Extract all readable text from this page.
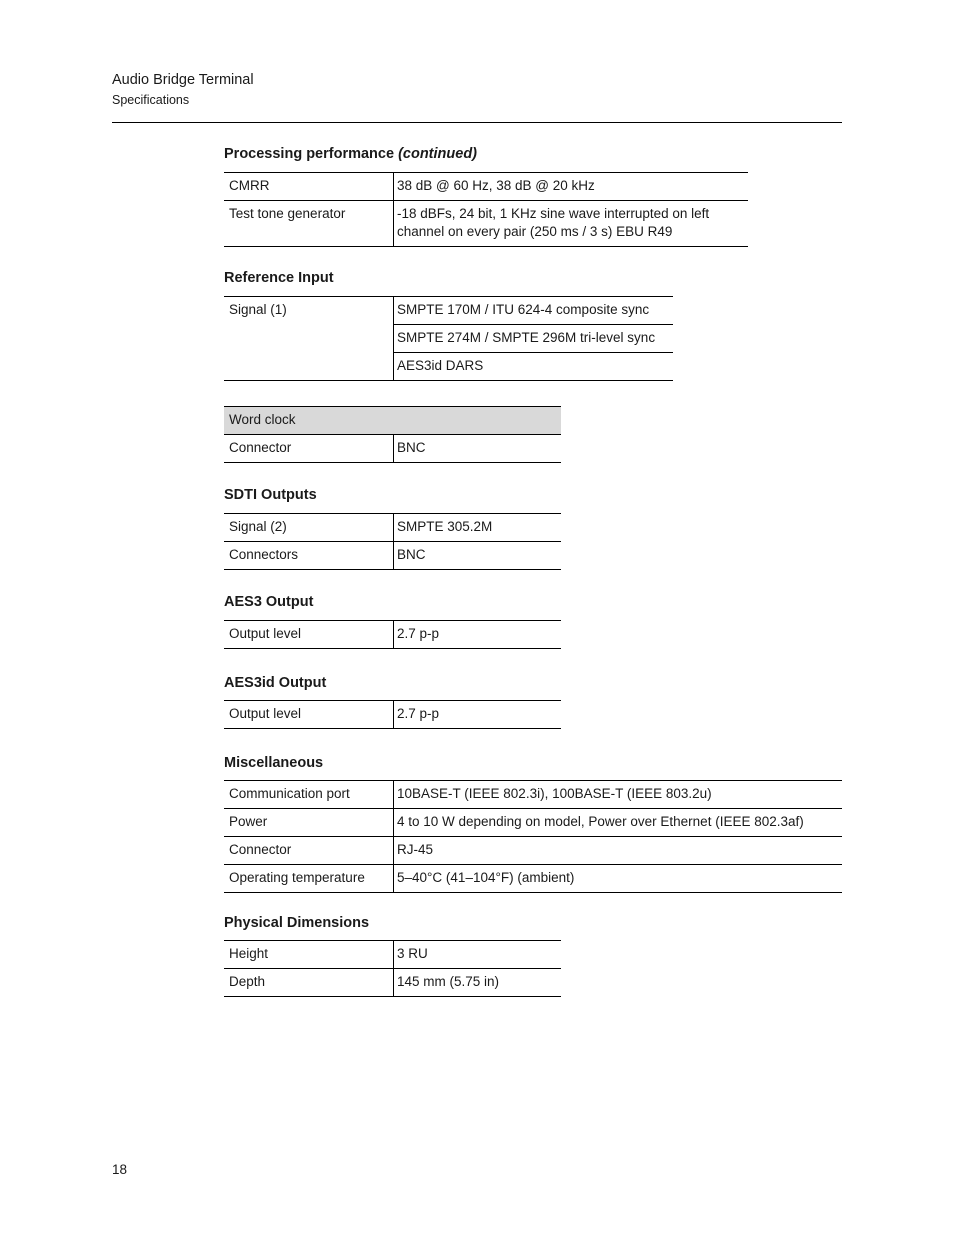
Audio Bridge Terminal
Specifications
Processing performance (continued)
CMRR	38 dB @ 60 Hz, 38 dB @ 20 kHz
Test tone generator	-18 dBFs, 24 bit, 1 KHz sine wave interrupted on left channel on every pair (250 ms / 3 s) EBU R49
Reference Input
Signal (1)	SMPTE 170M / ITU 624-4 composite sync
SMPTE 274M / SMPTE 296M tri-level sync
AES3id DARS
Word clock
Connector	BNC
SDTI Outputs
Signal (2)	SMPTE 305.2M
Connectors	BNC
AES3 Output
Output level	2.7 p-p
AES3id Output
Output level	2.7 p-p
Miscellaneous
Communication port	10BASE-T (IEEE 802.3i), 100BASE-T (IEEE 803.2u)
Power	4 to 10 W depending on model, Power over Ethernet (IEEE 802.3af)
Connector	RJ-45
Operating temperature	5–40°C (41–104°F) (ambient)
Physical Dimensions
Height	3 RU
Depth	145 mm (5.75 in)
18
